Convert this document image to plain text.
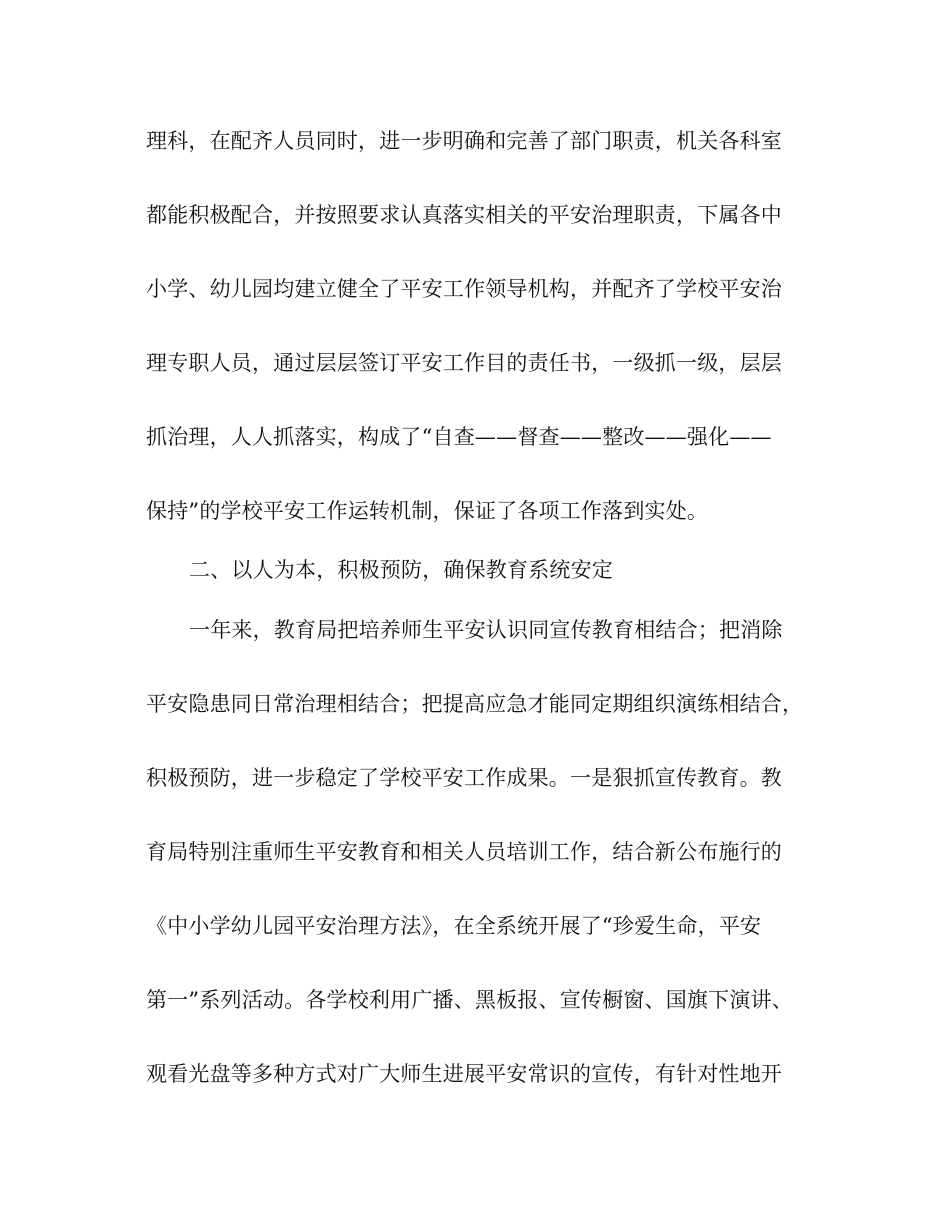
理科，在配齐人员同时，进一步明确和完善了部门职责，机关各科室
都能积极配合，并按照要求认真落实相关的平安治理职责，下属各中
小学、幼儿园均建立健全了平安工作领导机构，并配齐了学校平安治
理专职人员，通过层层签订平安工作目的责任书，一级抓一级，层层
抓治理，人人抓落实，构成了“自查——督查——整改——强化——
保持”的学校平安工作运转机制，保证了各项工作落到实处。
二、以人为本，积极预防，确保教育系统安定
一年来，教育局把培养师生平安认识同宣传教育相结合；把消除
平安隐患同日常治理相结合；把提高应急才能同定期组织演练相结合，
积极预防，进一步稳定了学校平安工作成果。一是狠抓宣传教育。教
育局特别注重师生平安教育和相关人员培训工作，结合新公布施行的
《中小学幼儿园平安治理方法》，在全系统开展了“珍爱生命，平安
第一”系列活动。各学校利用广播、黑板报、宣传橱窗、国旗下演讲、
观看光盘等多种方式对广大师生进展平安常识的宣传，有针对性地开
